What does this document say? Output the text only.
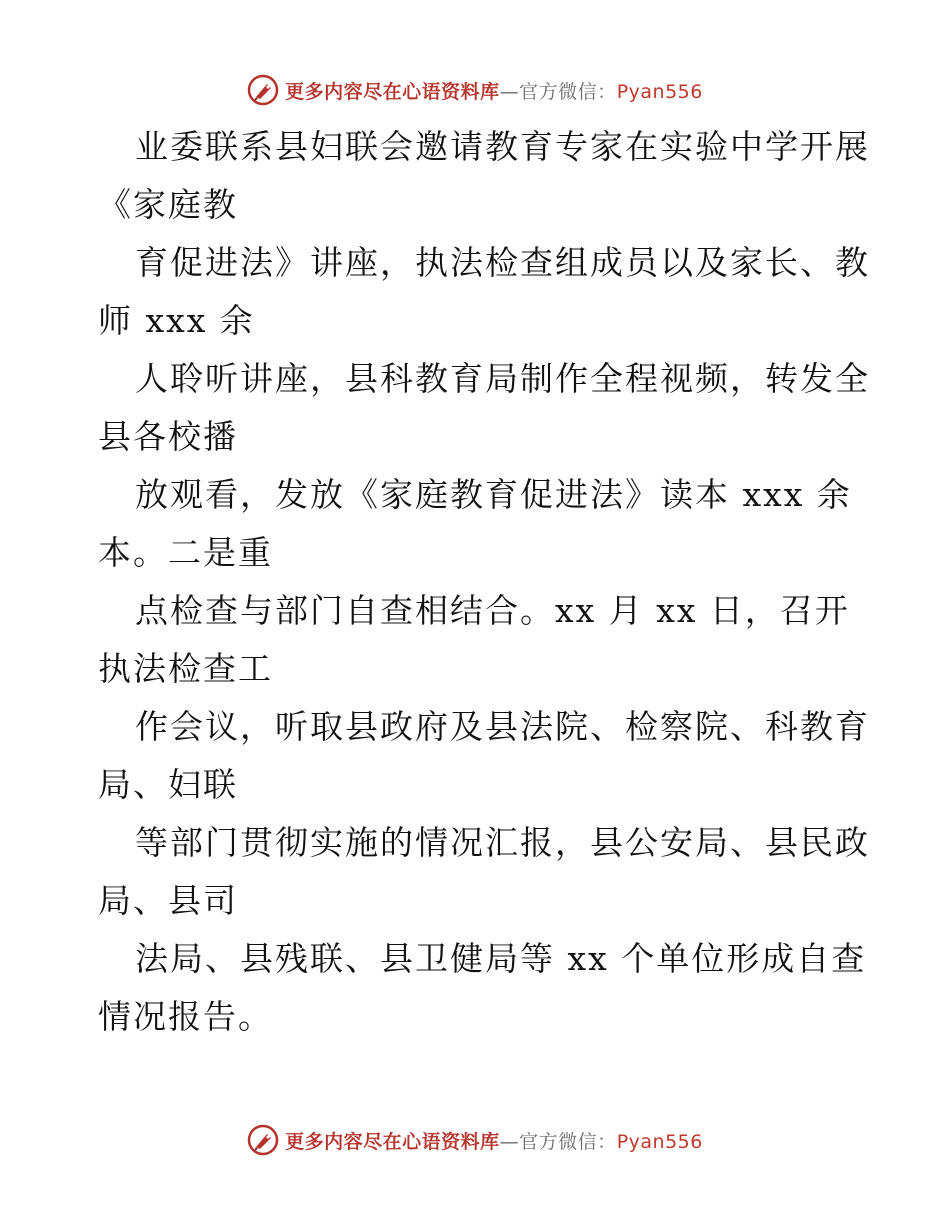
更多内容尽在心语资料库—官方微信：Pyan556
业委联系县妇联会邀请教育专家在实验中学开展
《家庭教
育促进法》讲座，执法检查组成员以及家长、教
师 xxx 余
人聆听讲座，县科教育局制作全程视频，转发全
县各校播
放观看，发放《家庭教育促进法》读本 xxx 余
本。二是重
点检查与部门自查相结合。xx 月 xx 日，召开
执法检查工
作会议，听取县政府及县法院、检察院、科教育
局、妇联
等部门贯彻实施的情况汇报，县公安局、县民政
局、县司
法局、县残联、县卫健局等 xx 个单位形成自查
情况报告。
更多内容尽在心语资料库—官方微信：Pyan556
